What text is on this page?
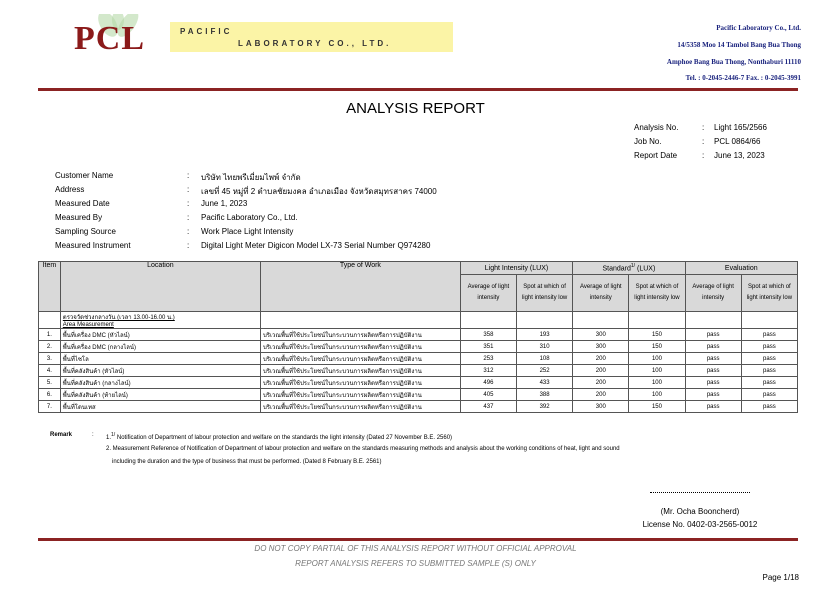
PCL	PACIFIC
LABORATORY CO., LTD.
Pacific Laboratory Co., Ltd.
14/5358 Moo 14 Tambol Bang Bua Thong
Amphoe Bang Bua Thong, Nonthaburi 11110
Tel. : 0-2045-2446-7 Fax. : 0-2045-3991
ANALYSIS REPORT
Analysis No.	:	Light 165/2566
Job No.	:	PCL 0864/66
Report Date	:	June 13, 2023
Customer Name	:	บริษัท ไทยพรีเมี่ยมไพพ์ จำกัด
Address	:	เลขที่ 45 หมู่ที่ 2 ตำบลชัยมงคล อำเภอเมือง จังหวัดสมุทรสาคร 74000
Measured Date	:	June 1, 2023
Measured By	:	Pacific Laboratory Co., Ltd.
Sampling Source	:	Work Place Light Intensity
Measured Instrument	:	Digital Light Meter Digicon Model LX-73 Serial Number Q974280
Item	Location	Type of Work	Light Intensity (LUX)		Standard$^{1/}$ (LUX)		Evaluation	
			Average of light intensity	Spot at which of light intensity low	Average of light intensity	Spot at which of light intensity low	Average of light intensity	Spot at which of light intensity low

	ตรวจวัดช่วงกลางวัน (เวลา 13.00-16.00 น.)
Area Measurement							

1.	พื้นที่เครื่อง DMC (หัวไลน์)	บริเวณพื้นที่ใช้ประโยชน์ในกระบวนการผลิตหรือการปฏิบัติงาน	358	193	300	150	pass	pass
2.	พื้นที่เครื่อง DMC (กลางไลน์)	บริเวณพื้นที่ใช้ประโยชน์ในกระบวนการผลิตหรือการปฏิบัติงาน	351	310	300	150	pass	pass
3.	พื้นที่ไซโล	บริเวณพื้นที่ใช้ประโยชน์ในกระบวนการผลิตหรือการปฏิบัติงาน	253	108	200	100	pass	pass
4.	พื้นที่คลังสินค้า (หัวไลน์)	บริเวณพื้นที่ใช้ประโยชน์ในกระบวนการผลิตหรือการปฏิบัติงาน	312	252	200	100	pass	pass
5.	พื้นที่คลังสินค้า (กลางไลน์)	บริเวณพื้นที่ใช้ประโยชน์ในกระบวนการผลิตหรือการปฏิบัติงาน	496	433	200	100	pass	pass
6.	พื้นที่คลังสินค้า (ท้ายไลน์)	บริเวณพื้นที่ใช้ประโยชน์ในกระบวนการผลิตหรือการปฏิบัติงาน	405	388	200	100	pass	pass
7.	พื้นที่โดนเทส	บริเวณพื้นที่ใช้ประโยชน์ในกระบวนการผลิตหรือการปฏิบัติงาน	437	392	300	150	pass	pass
Remark	: 1.$^{1/}$ Notification of Department of labour protection and welfare on the standards the light intensity (Dated 27 November B.E. 2560)
2. Measurement Reference of Notification of Department of labour protection and welfare on the standards measuring methods and analysis about the working conditions of heat, light and sound
including the duration and the type of business that must be performed. (Dated 8 February B.E. 2561)
(Mr. Ocha Booncherd)
License No. 0402-03-2565-0012
DO NOT COPY PARTIAL OF THIS ANALYSIS REPORT WITHOUT OFFICIAL APPROVAL
REPORT ANALYSIS REFERS TO SUBMITTED SAMPLE (S) ONLY
Page 1/18
